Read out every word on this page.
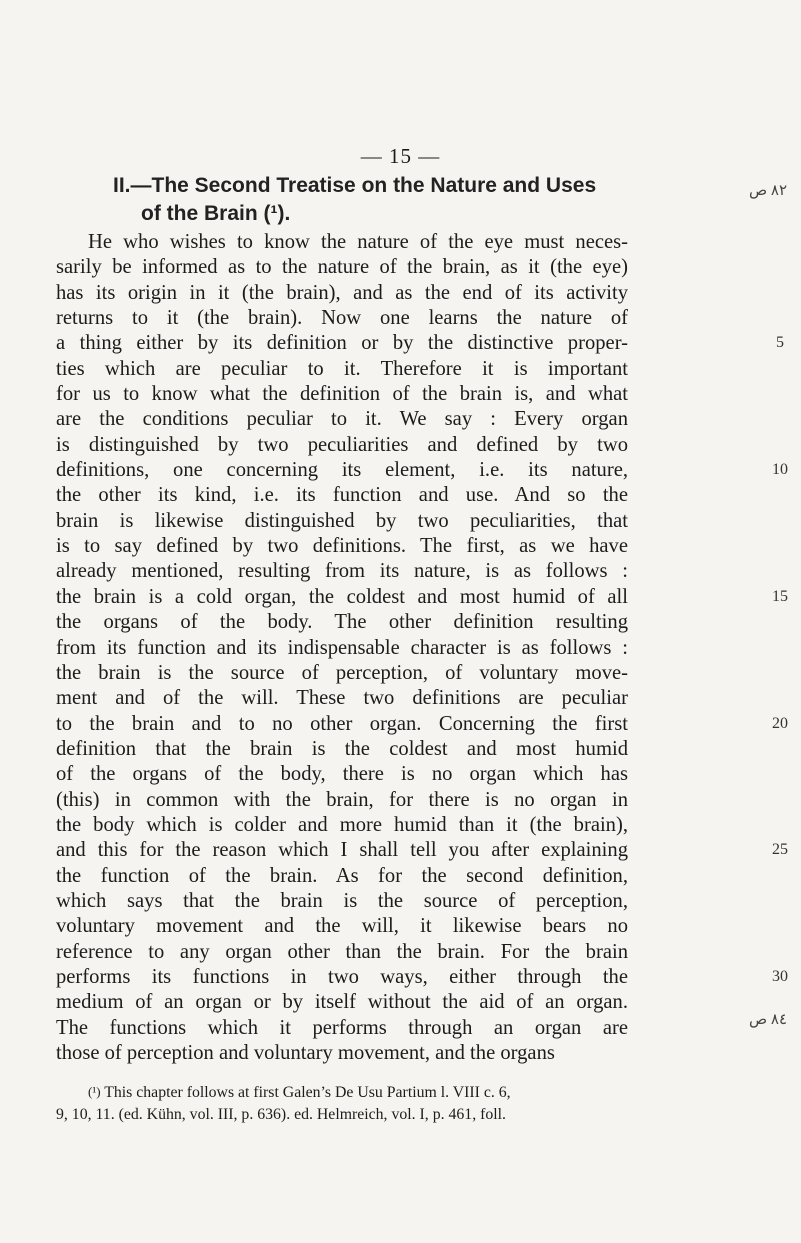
— 15 —
II.—The Second Treatise on the Nature and Uses
of the Brain (¹).
٨٢ ص
٨٤ ص
He who wishes to know the nature of the eye must neces-
sarily be informed as to the nature of the brain, as it (the eye)
has its origin in it (the brain), and as the end of its activity
returns to it (the brain). Now one learns the nature of
a thing either by its definition or by the distinctive proper-
ties which are peculiar to it. Therefore it is important
for us to know what the definition of the brain is, and what
are the conditions peculiar to it. We say : Every organ
is distinguished by two peculiarities and defined by two
definitions, one concerning its element, i.e. its nature,
the other its kind, i.e. its function and use. And so the
brain is likewise distinguished by two peculiarities, that
is to say defined by two definitions. The first, as we have
already mentioned, resulting from its nature, is as follows :
the brain is a cold organ, the coldest and most humid of all
the organs of the body. The other definition resulting
from its function and its indispensable character is as follows :
the brain is the source of perception, of voluntary move-
ment and of the will. These two definitions are peculiar
to the brain and to no other organ. Concerning the first
definition that the brain is the coldest and most humid
of the organs of the body, there is no organ which has
(this) in common with the brain, for there is no organ in
the body which is colder and more humid than it (the brain),
and this for the reason which I shall tell you after explaining
the function of the brain. As for the second definition,
which says that the brain is the source of perception,
voluntary movement and the will, it likewise bears no
reference to any organ other than the brain. For the brain
performs its functions in two ways, either through the
medium of an organ or by itself without the aid of an organ.
The functions which it performs through an organ are
those of perception and voluntary movement, and the organs
5
10
15
20
25
30
(¹) This chapter follows at first Galen’s De Usu Partium l. VIII c. 6,
9, 10, 11. (ed. Kühn, vol. III, p. 636). ed. Helmreich, vol. I, p. 461, foll.
